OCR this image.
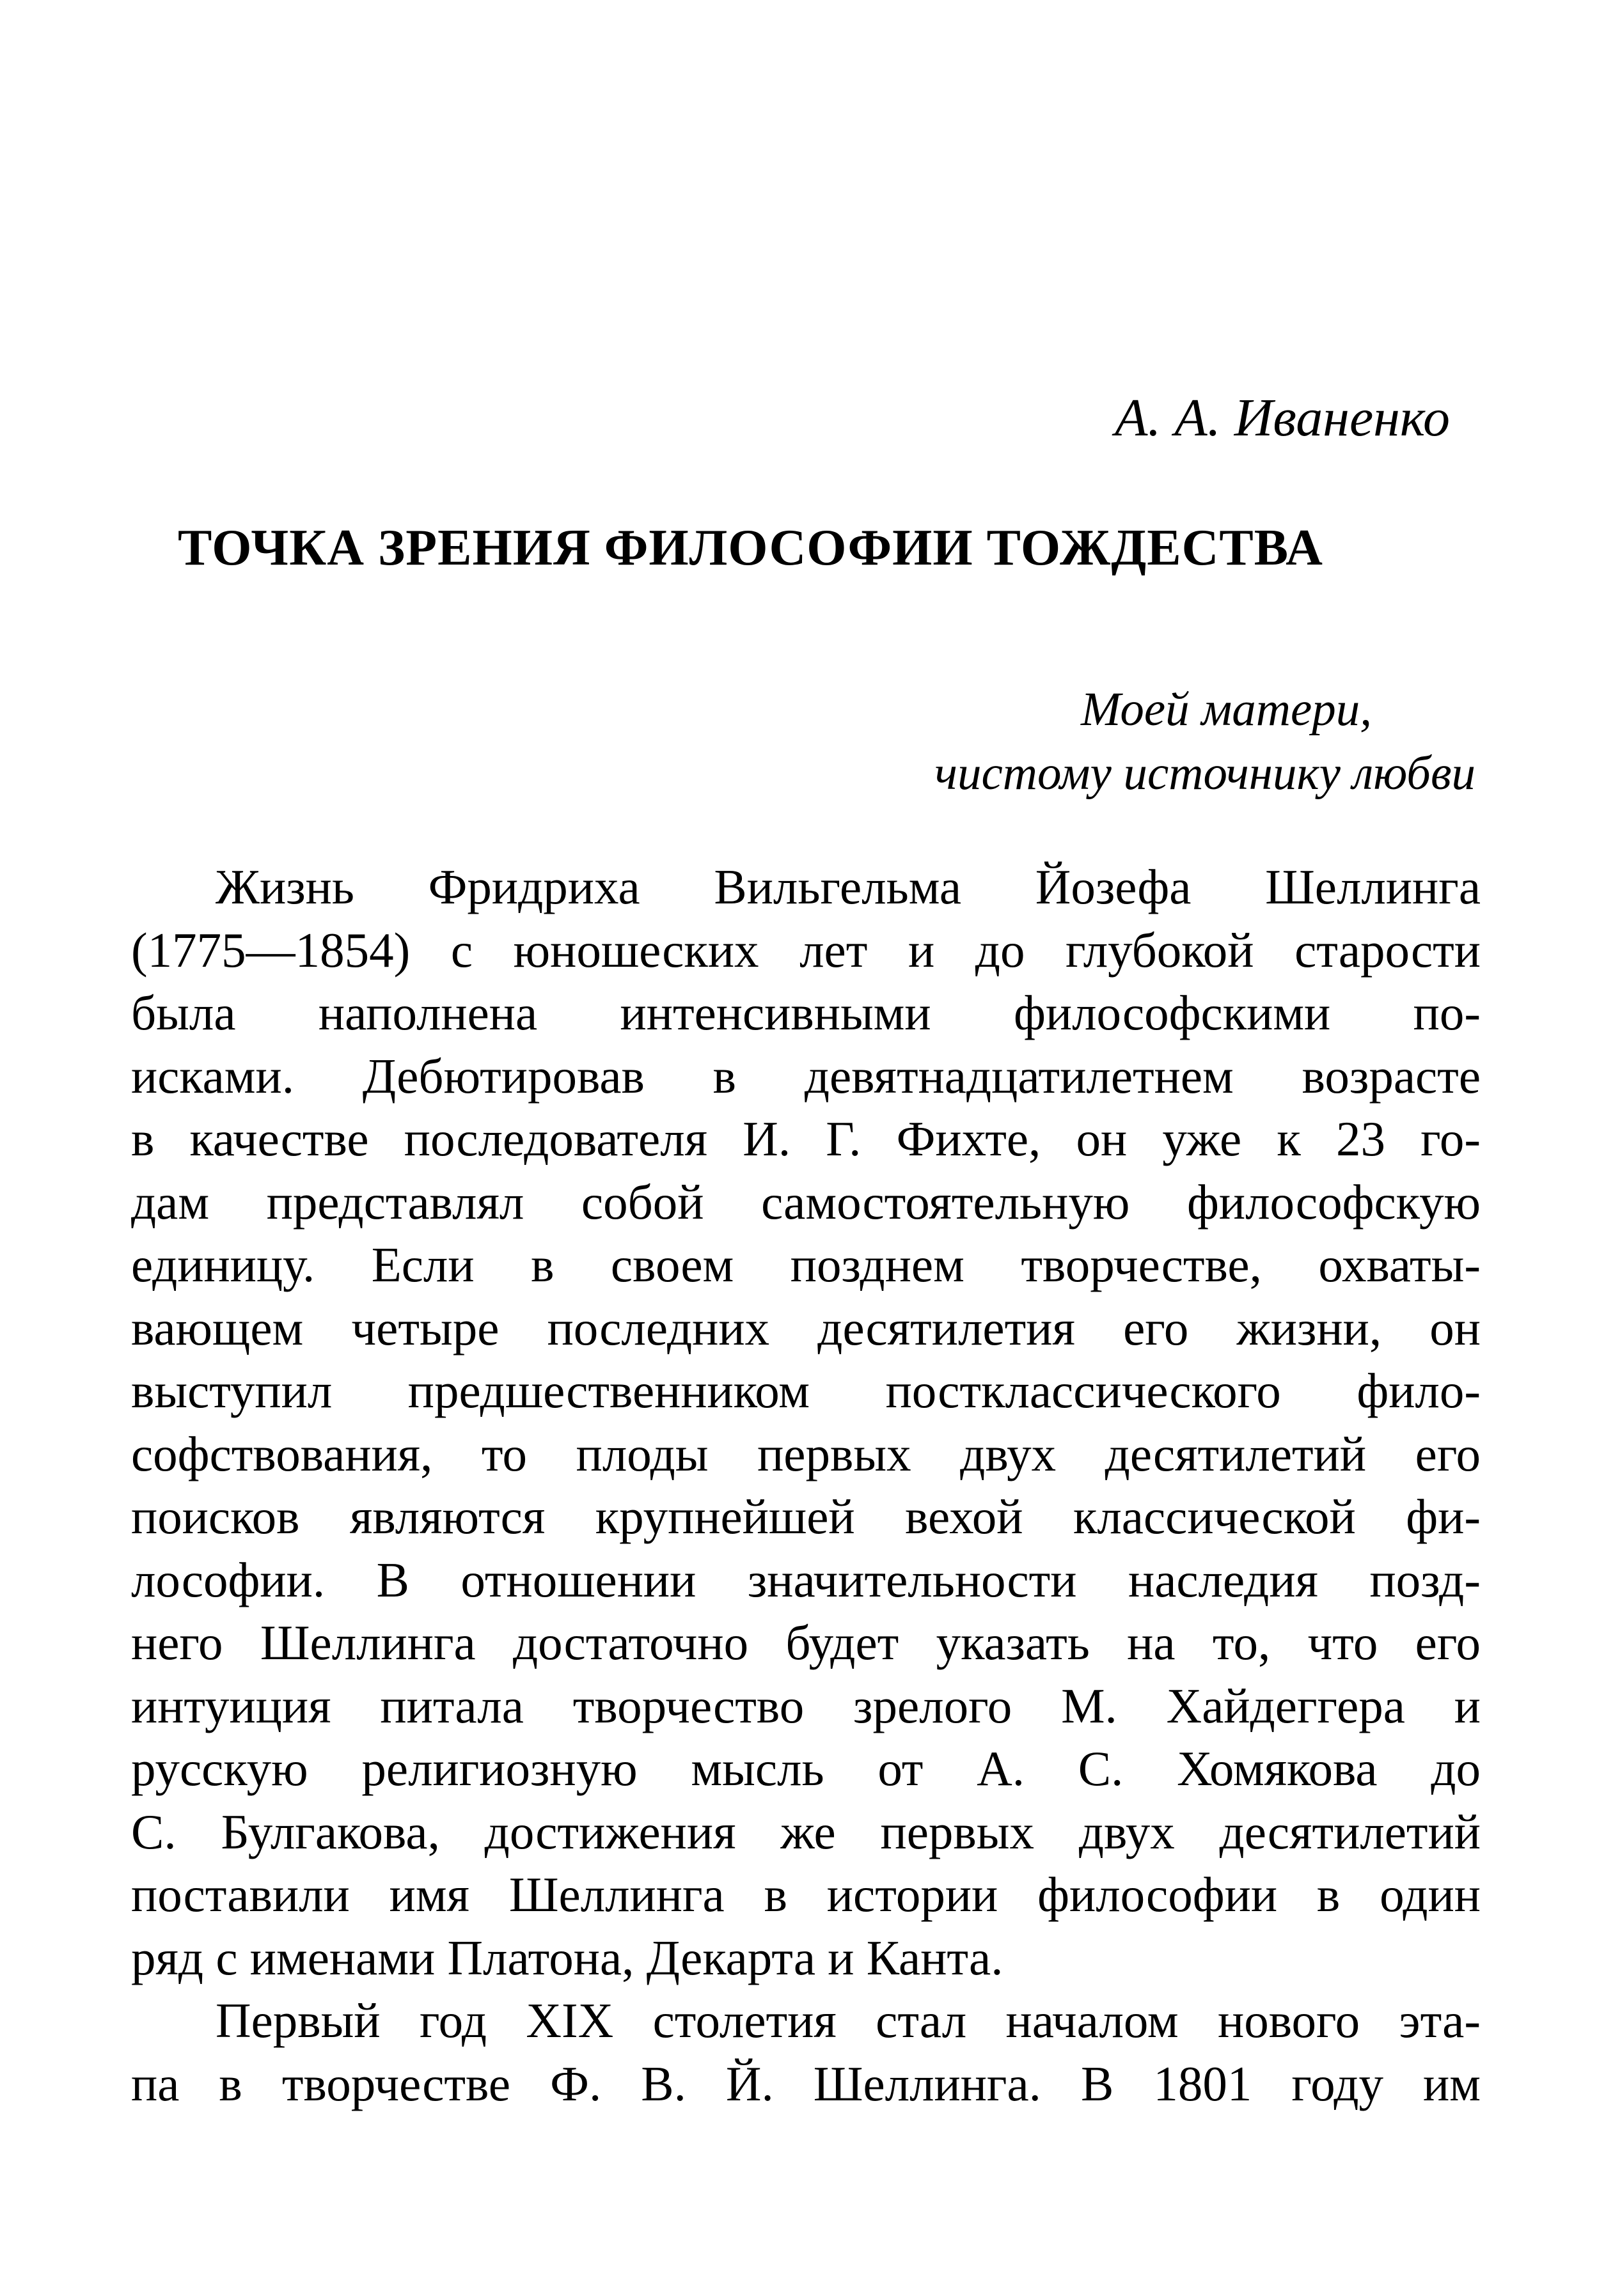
А. А. Иваненко
ТОЧКА ЗРЕНИЯ ФИЛОСОФИИ ТОЖДЕСТВА
Моей матери,
чистому источнику любви
Жизнь Фридриха Вильгельма Йозефа Шеллинга
(1775—1854) с юношеских лет и до глубокой старости
была наполнена интенсивными философскими по-
исками. Дебютировав в девятнадцатилетнем возрасте
в качестве последователя И. Г. Фихте, он уже к 23 го-
дам представлял собой самостоятельную философскую
единицу. Если в своем позднем творчестве, охваты-
вающем четыре последних десятилетия его жизни, он
выступил предшественником постклассического фило-
софствования, то плоды первых двух десятилетий его
поисков являются крупнейшей вехой классической фи-
лософии. В отношении значительности наследия позд-
него Шеллинга достаточно будет указать на то, что его
интуиция питала творчество зрелого М. Хайдеггера и
русскую религиозную мысль от А. С. Хомякова до
С. Булгакова, достижения же первых двух десятилетий
поставили имя Шеллинга в истории философии в один
ряд с именами Платона, Декарта и Канта.
Первый год XIX столетия стал началом нового эта-
па в творчестве Ф. В. Й. Шеллинга. В 1801 году им
